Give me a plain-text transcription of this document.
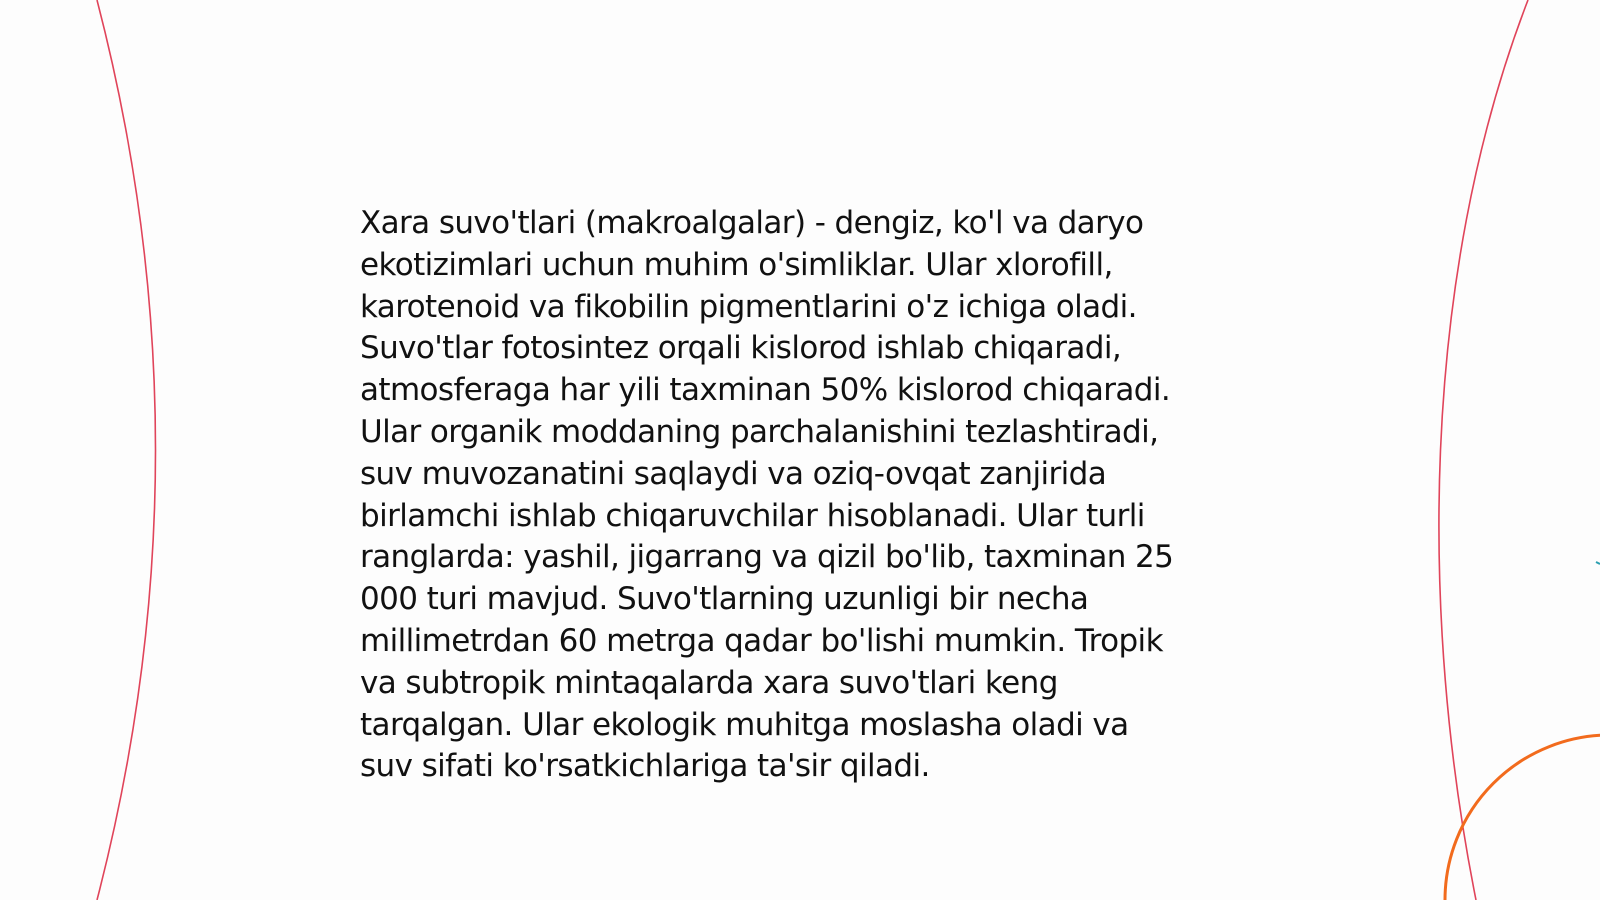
Xara suvo'tlari (makroalgalar) - dengiz, ko'l va daryo
ekotizimlari uchun muhim o'simliklar. Ular xlorofill,
karotenoid va fikobilin pigmentlarini o'z ichiga oladi.
Suvo'tlar fotosintez orqali kislorod ishlab chiqaradi,
atmosferaga har yili taxminan 50% kislorod chiqaradi.
Ular organik moddaning parchalanishini tezlashtiradi,
suv muvozanatini saqlaydi va oziq-ovqat zanjirida
birlamchi ishlab chiqaruvchilar hisoblanadi. Ular turli
ranglarda: yashil, jigarrang va qizil bo'lib, taxminan 25
000 turi mavjud. Suvo'tlarning uzunligi bir necha
millimetrdan 60 metrga qadar bo'lishi mumkin. Tropik
va subtropik mintaqalarda xara suvo'tlari keng
tarqalgan. Ular ekologik muhitga moslasha oladi va
suv sifati ko'rsatkichlariga ta'sir qiladi.
